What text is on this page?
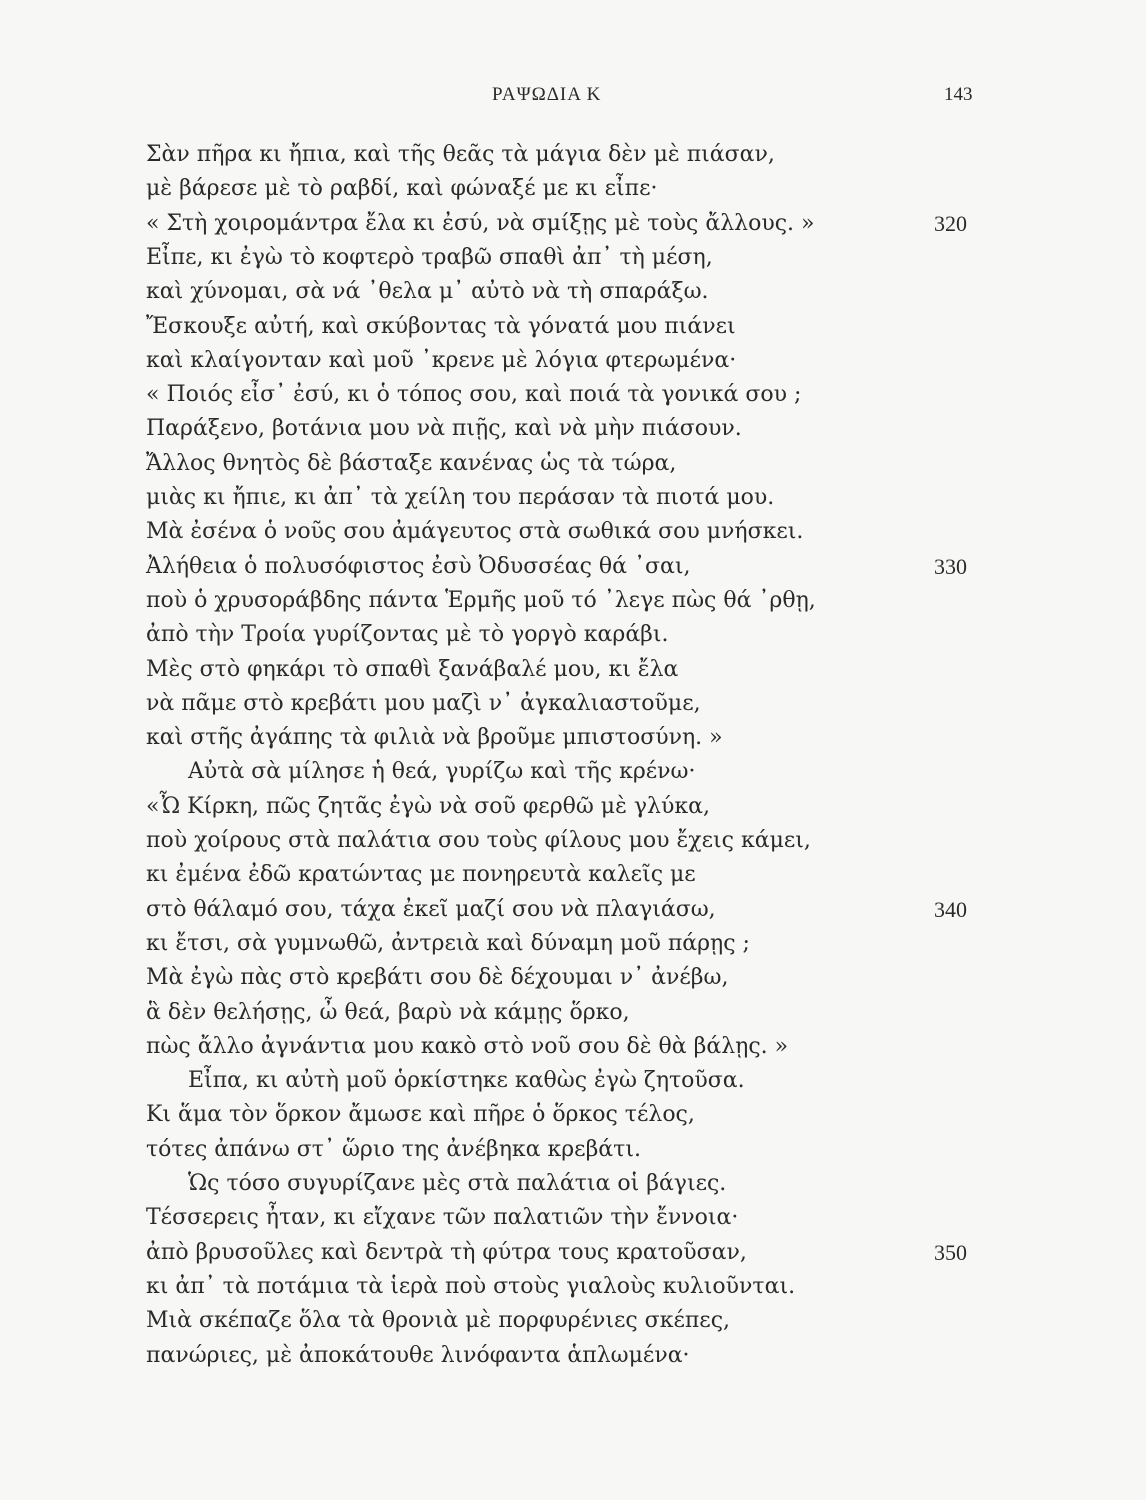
ΡΑΨΩΔΙΑ Κ	143
Σὰν πῆρα κι ἤπια, καὶ τῆς θεᾶς τὰ μάγια δὲν μὲ πιάσαν,
μὲ βάρεσε μὲ τὸ ραβδί, καὶ φώναξέ με κι εἶπε·
« Στὴ χοιρομάντρα ἔλα κι ἐσύ, νὰ σμίξῃς μὲ τοὺς ἄλλους. »	320
Εἶπε, κι ἐγὼ τὸ κοφτερὸ τραβῶ σπαθὶ ἀπ᾽ τὴ μέση,
καὶ χύνομαι, σὰ νά ᾽θελα μ᾽ αὐτὸ νὰ τὴ σπαράξω.
Ἔσκουξε αὐτή, καὶ σκύβοντας τὰ γόνατά μου πιάνει
καὶ κλαίγονταν καὶ μοῦ ᾽κρενε μὲ λόγια φτερωμένα·
« Ποιός εἶσ᾽ ἐσύ, κι ὁ τόπος σου, καὶ ποιά τὰ γονικά σου ;
Παράξενο, βοτάνια μου νὰ πιῇς, καὶ νὰ μὴν πιάσουν.
Ἄλλος θνητὸς δὲ βάσταξε κανένας ὡς τὰ τώρα,
μιὰς κι ἤπιε, κι ἀπ᾽ τὰ χείλη του περάσαν τὰ πιοτά μου.
Μὰ ἐσένα ὁ νοῦς σου ἀμάγευτος στὰ σωθικά σου μνήσκει.
Ἀλήθεια ὁ πολυσόφιστος ἐσὺ Ὀδυσσέας θά ᾽σαι,	330
ποὺ ὁ χρυσοράβδης πάντα Ἑρμῆς μοῦ τό ᾽λεγε πὼς θά ᾽ρθῃ,
ἀπὸ τὴν Τροία γυρίζοντας μὲ τὸ γοργὸ καράβι.
Μὲς στὸ φηκάρι τὸ σπαθὶ ξανάβαλέ μου, κι ἔλα
νὰ πᾶμε στὸ κρεβάτι μου μαζὶ ν᾽ ἀγκαλιαστοῦμε,
καὶ στῆς ἀγάπης τὰ φιλιὰ νὰ βροῦμε μπιστοσύνη. »
Αὐτὰ σὰ μίλησε ἡ θεά, γυρίζω καὶ τῆς κρένω·
«Ὦ Κίρκη, πῶς ζητᾶς ἐγὼ νὰ σοῦ φερθῶ μὲ γλύκα,
ποὺ χοίρους στὰ παλάτια σου τοὺς φίλους μου ἔχεις κάμει,
κι ἐμένα ἐδῶ κρατώντας με πονηρευτὰ καλεῖς με
στὸ θάλαμό σου, τάχα ἐκεῖ μαζί σου νὰ πλαγιάσω,	340
κι ἔτσι, σὰ γυμνωθῶ, ἀντρειὰ καὶ δύναμη μοῦ πάρῃς ;
Μὰ ἐγὼ πὰς στὸ κρεβάτι σου δὲ δέχουμαι ν᾽ ἀνέβω,
ἃ δὲν θελήσῃς, ὦ θεά, βαρὺ νὰ κάμῃς ὅρκο,
πὼς ἄλλο ἀγνάντια μου κακὸ στὸ νοῦ σου δὲ θὰ βάλῃς. »
Εἶπα, κι αὐτὴ μοῦ ὁρκίστηκε καθὼς ἐγὼ ζητοῦσα.
Κι ἅμα τὸν ὅρκον ἄμωσε καὶ πῆρε ὁ ὅρκος τέλος,
τότες ἀπάνω στ᾽ ὥριο της ἀνέβηκα κρεβάτι.
Ὡς τόσο συγυρίζανε μὲς στὰ παλάτια οἱ βάγιες.
Τέσσερεις ἦταν, κι εἴχανε τῶν παλατιῶν τὴν ἔννοια·
ἀπὸ βρυσοῦλες καὶ δεντρὰ τὴ φύτρα τους κρατοῦσαν,	350
κι ἀπ᾽ τὰ ποτάμια τὰ ἱερὰ ποὺ στοὺς γιαλοὺς κυλιοῦνται.
Μιὰ σκέπαζε ὅλα τὰ θρονιὰ μὲ πορφυρένιες σκέπες,
πανώριες, μὲ ἀποκάτουθε λινόφαντα ἁπλωμένα·
